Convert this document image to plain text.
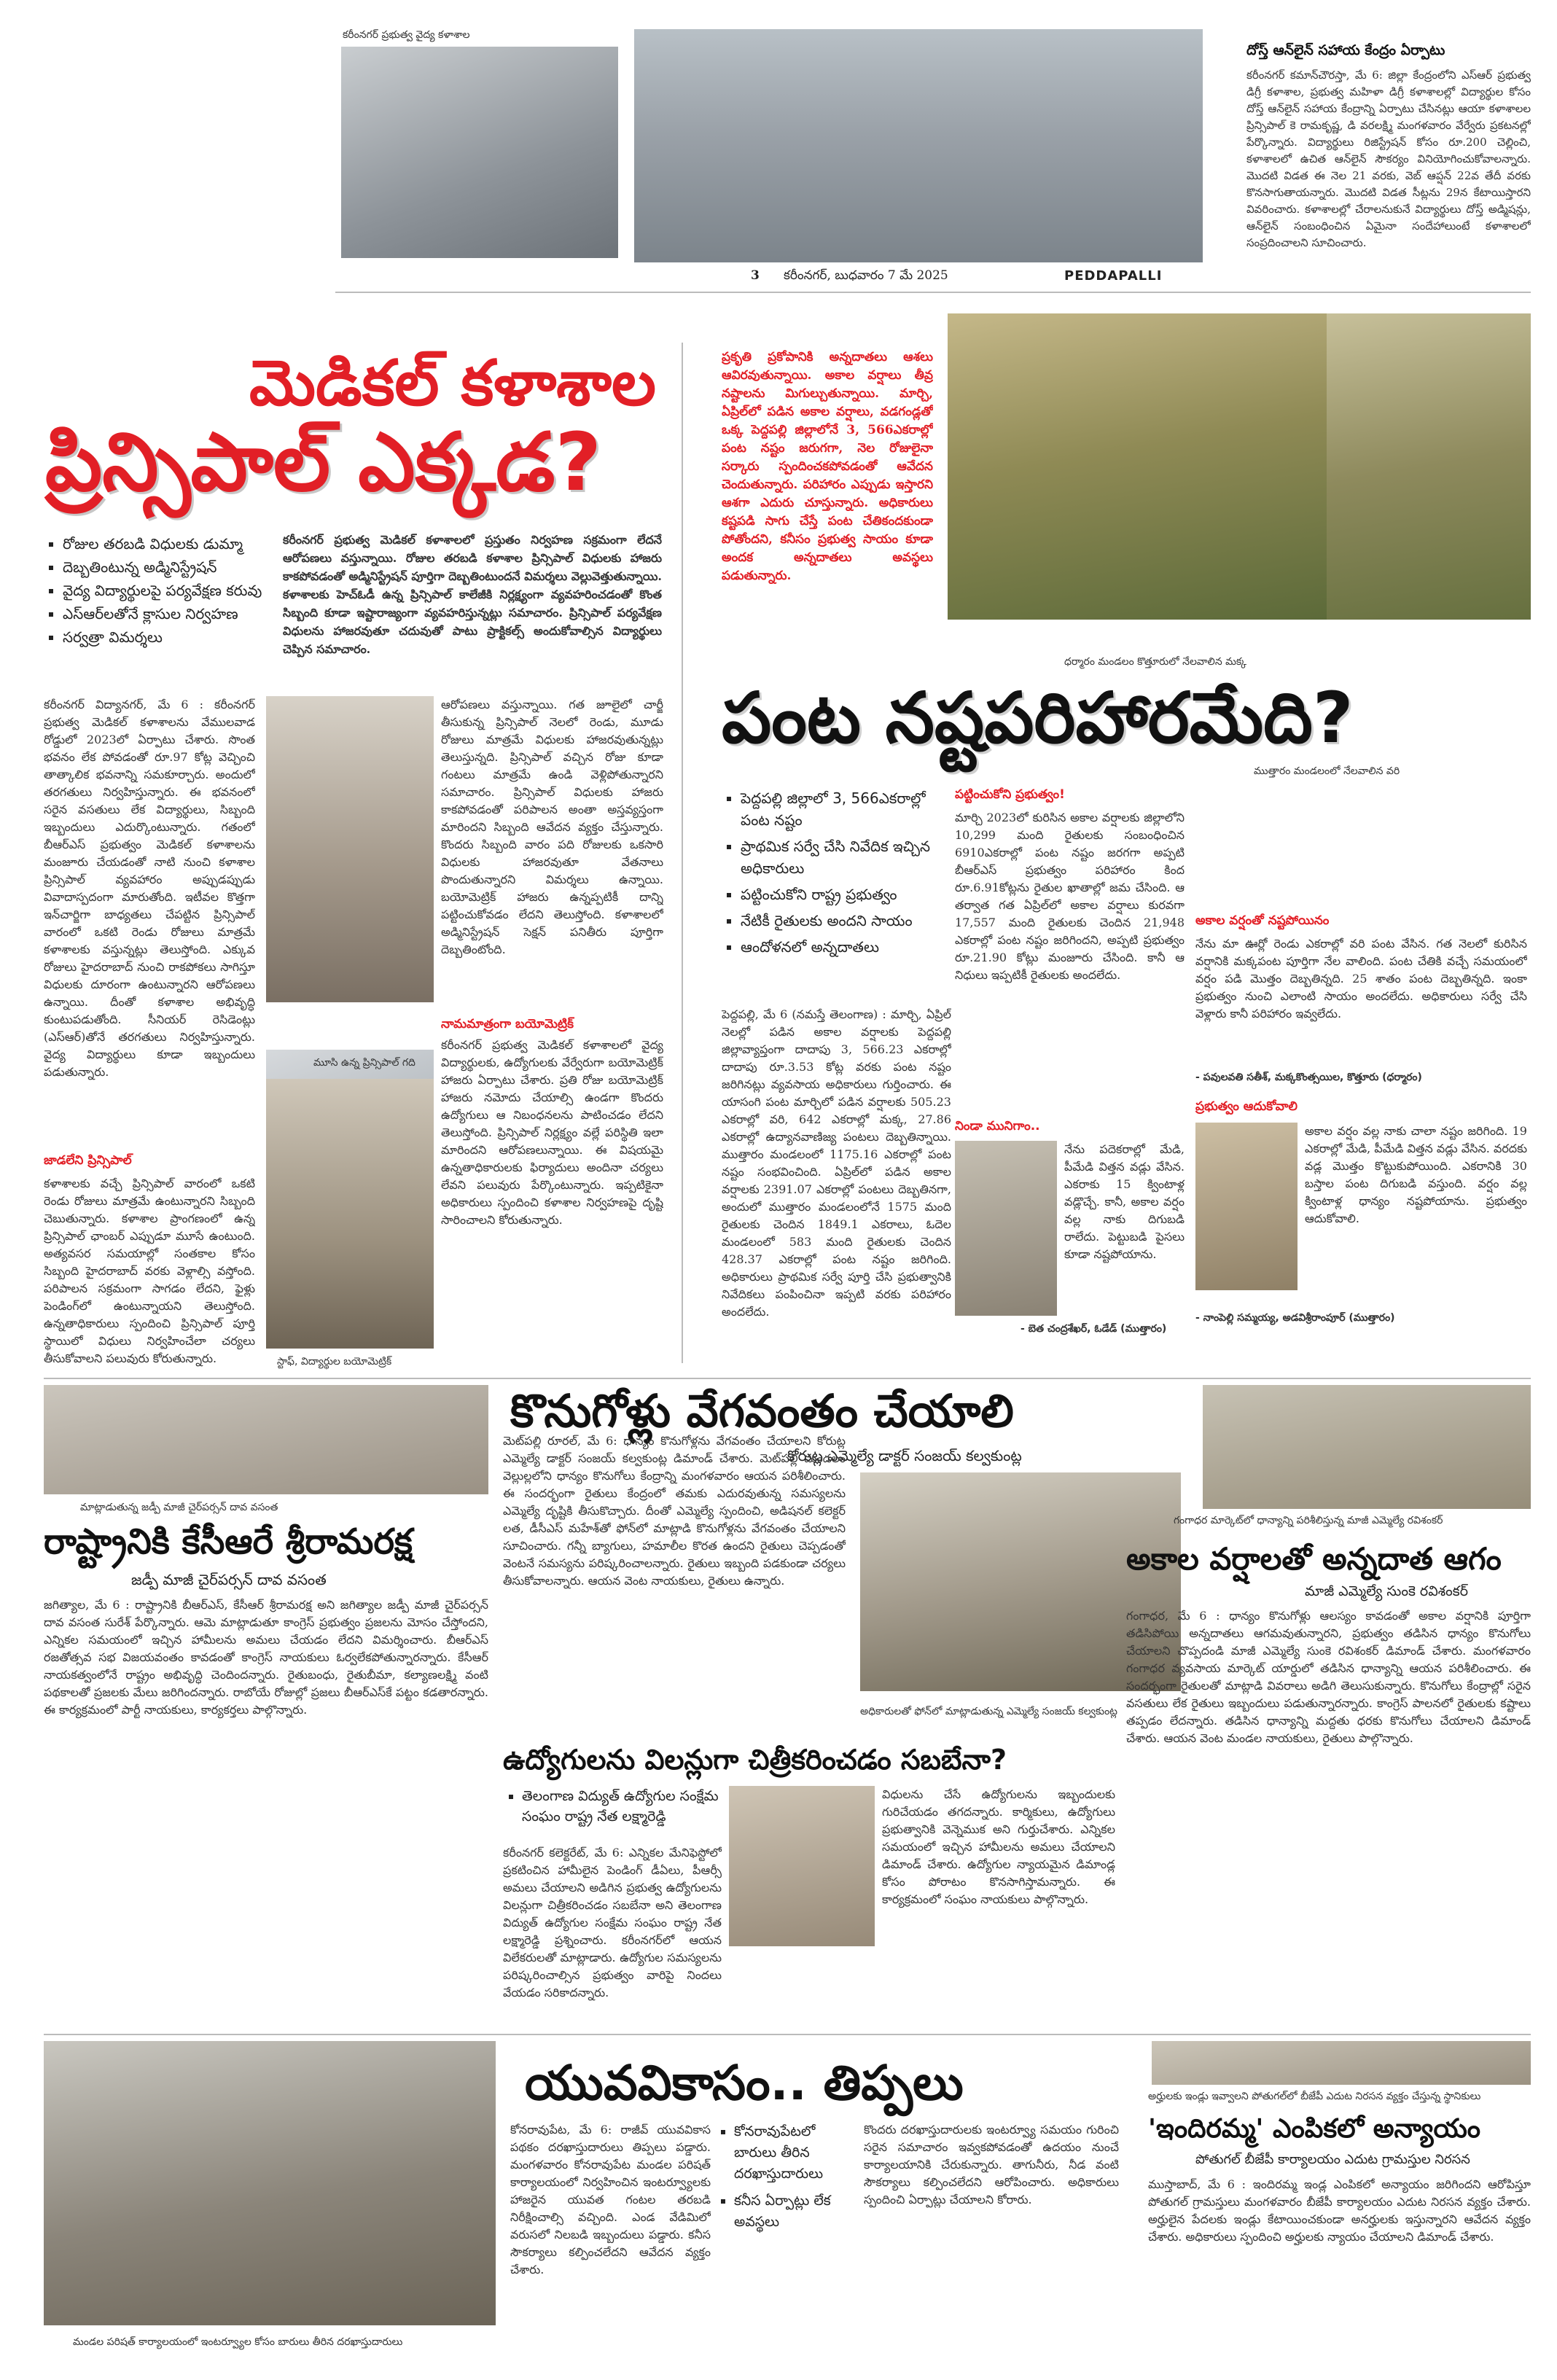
కరీంనగర్ ప్రభుత్వ వైద్య కళాశాల
3 కరీంనగర్, బుధవారం 7 మే 2025	PEDDAPALLI
దోస్త్ ఆన్‌లైన్ సహాయ కేంద్రం ఏర్పాటు
కరీంనగర్ కమాన్‌చౌరస్తా, మే 6: జిల్లా కేంద్రంలోని ఎస్‌ఆర్ ప్రభుత్వ డిగ్రీ కళాశాల, ప్రభుత్వ మహిళా డిగ్రీ కళాశాలల్లో విద్యార్థుల కోసం దోస్త్ ఆన్‌లైన్ సహాయ కేంద్రాన్ని ఏర్పాటు చేసినట్లు ఆయా కళాశాలల ప్రిన్సిపాల్ కె రామకృష్ణ, డి వరలక్ష్మి మంగళవారం వేర్వేరు ప్రకటనల్లో పేర్కొన్నారు. విద్యార్థులు రిజిస్ట్రేషన్ కోసం రూ.200 చెల్లించి, కళాశాలలో ఉచిత ఆన్‌లైన్ సౌకర్యం వినియోగించుకోవాలన్నారు. మొదటి విడత ఈ నెల 21 వరకు, వెబ్ ఆప్షన్ 22వ తేదీ వరకు కొనసాగుతాయన్నారు. మొదటి విడత సీట్లను 29న కేటాయిస్తారని వివరించారు. కళాశాలల్లో చేరాలనుకునే విద్యార్థులు దోస్త్ అడ్మిషన్లు, ఆన్‌లైన్ సంబంధించిన ఏమైనా సందేహాలుంటే కళాశాలలో సంప్రదించాలని సూచించారు.
మెడికల్ కళాశాల
ప్రిన్సిపాల్ ఎక్కడ?
▪ రోజుల తరబడి విధులకు డుమ్మా
▪ దెబ్బతింటున్న అడ్మినిస్ట్రేషన్
▪ వైద్య విద్యార్థులపై పర్యవేక్షణ కరువు
▪ ఎస్‌ఆర్‌లతోనే క్లాసుల నిర్వహణ
▪ సర్వత్రా విమర్శలు
కరీంనగర్ ప్రభుత్వ మెడికల్ కళాశాలలో ప్రస్తుతం నిర్వహణ సక్రమంగా లేదనే ఆరోపణలు వస్తున్నాయి. రోజుల తరబడి కళాశాల ప్రిన్సిపాల్ విధులకు హాజరు కాకపోవడంతో అడ్మినిస్ట్రేషన్ పూర్తిగా దెబ్బతింటుందనే విమర్శలు వెల్లువెత్తుతున్నాయి. కళాశాలకు హెచ్‌ఓడీ ఉన్న ప్రిన్సిపాల్ కాలేజీకి నిర్లక్ష్యంగా వ్యవహరించడంతో కొంత సిబ్బంది కూడా ఇష్టారాజ్యంగా వ్యవహరిస్తున్నట్లు సమాచారం. ప్రిన్సిపాల్ పర్యవేక్షణ విధులను హాజరవుతూ చదువుతో పాటు ప్రాక్టికల్స్ అందుకోవాల్సిన విద్యార్థులు చెప్పిన సమాచారం.
కరీంనగర్ విద్యానగర్, మే 6 : కరీంనగర్ ప్రభుత్వ మెడికల్ కళాశాలను వేములవాడ రోడ్డులో 2023లో ఏర్పాటు చేశారు. సొంత భవనం లేక పోవడంతో రూ.97 కోట్ల వెచ్చించి తాత్కాలిక భవనాన్ని సమకూర్చారు. అందులో తరగతులు నిర్వహిస్తున్నారు. ఈ భవనంలో సరైన వసతులు లేక విద్యార్థులు, సిబ్బంది ఇబ్బందులు ఎదుర్కొంటున్నారు. గతంలో బీఆర్‌ఎస్ ప్రభుత్వం మెడికల్ కళాశాలను మంజూరు చేయడంతో నాటి నుంచి కళాశాల ప్రిన్సిపాల్ వ్యవహారం అప్పుడప్పుడు వివాదాస్పదంగా మారుతోంది. ఇటీవల కొత్తగా ఇన్‌చార్జిగా బాధ్యతలు చేపట్టిన ప్రిన్సిపాల్ వారంలో ఒకటి రెండు రోజులు మాత్రమే కళాశాలకు వస్తున్నట్లు తెలుస్తోంది. ఎక్కువ రోజులు హైదరాబాద్ నుంచి రాకపోకలు సాగిస్తూ విధులకు దూరంగా ఉంటున్నారని ఆరోపణలు ఉన్నాయి. దీంతో కళాశాల అభివృద్ధి కుంటుపడుతోంది. సీనియర్ రెసిడెంట్లు (ఎస్‌ఆర్)తోనే తరగతులు నిర్వహిస్తున్నారు. వైద్య విద్యార్థులు కూడా ఇబ్బందులు పడుతున్నారు.
జాడలేని ప్రిన్సిపాల్
కళాశాలకు వచ్చే ప్రిన్సిపాల్ వారంలో ఒకటి రెండు రోజులు మాత్రమే ఉంటున్నారని సిబ్బంది చెబుతున్నారు. కళాశాల ప్రాంగణంలో ఉన్న ప్రిన్సిపాల్ ఛాంబర్ ఎప్పుడూ మూసే ఉంటుంది. అత్యవసర సమయాల్లో సంతకాల కోసం సిబ్బంది హైదరాబాద్ వరకు వెళ్లాల్సి వస్తోంది. పరిపాలన సక్రమంగా సాగడం లేదని, ఫైళ్లు పెండింగ్‌లో ఉంటున్నాయని తెలుస్తోంది. ఉన్నతాధికారులు స్పందించి ప్రిన్సిపాల్ పూర్తి స్థాయిలో విధులు నిర్వహించేలా చర్యలు తీసుకోవాలని పలువురు కోరుతున్నారు.
ఆరోపణలు వస్తున్నాయి. గత జూలైలో చార్జీ తీసుకున్న ప్రిన్సిపాల్ నెలలో రెండు, మూడు రోజులు మాత్రమే విధులకు హాజరవుతున్నట్లు తెలుస్తున్నది. ప్రిన్సిపాల్ వచ్చిన రోజు కూడా గంటలు మాత్రమే ఉండి వెళ్లిపోతున్నారని సమాచారం. ప్రిన్సిపాల్ విధులకు హాజరు కాకపోవడంతో పరిపాలన అంతా అస్తవ్యస్తంగా మారిందని సిబ్బంది ఆవేదన వ్యక్తం చేస్తున్నారు. కొందరు సిబ్బంది వారం పది రోజులకు ఒకసారి విధులకు హాజరవుతూ వేతనాలు పొందుతున్నారని విమర్శలు ఉన్నాయి. బయోమెట్రిక్ హాజరు ఉన్నప్పటికీ దాన్ని పట్టించుకోవడం లేదని తెలుస్తోంది. కళాశాలలో అడ్మినిస్ట్రేషన్ సెక్షన్ పనితీరు పూర్తిగా దెబ్బతింటోంది.
నామమాత్రంగా బయోమెట్రిక్
మూసి ఉన్న ప్రిన్సిపాల్ గది
స్టాఫ్, విద్యార్థుల బయోమెట్రిక్
కరీంనగర్ ప్రభుత్వ మెడికల్ కళాశాలలో వైద్య విద్యార్థులకు, ఉద్యోగులకు వేర్వేరుగా బయోమెట్రిక్ హాజరు ఏర్పాటు చేశారు. ప్రతి రోజు బయోమెట్రిక్ హాజరు నమోదు చేయాల్సి ఉండగా కొందరు ఉద్యోగులు ఆ నిబంధనలను పాటించడం లేదని తెలుస్తోంది. ప్రిన్సిపాల్ నిర్లక్ష్యం వల్లే పరిస్థితి ఇలా మారిందని ఆరోపణలున్నాయి. ఈ విషయమై ఉన్నతాధికారులకు ఫిర్యాదులు అందినా చర్యలు లేవని పలువురు పేర్కొంటున్నారు. ఇప్పటికైనా అధికారులు స్పందించి కళాశాల నిర్వహణపై దృష్టి సారించాలని కోరుతున్నారు.
ప్రకృతి ప్రకోపానికి అన్నదాతలు ఆశలు ఆవిరవుతున్నాయి. అకాల వర్షాలు తీవ్ర నష్టాలను మిగుల్చుతున్నాయి. మార్చి, ఏప్రిల్‌లో పడిన అకాల వర్షాలు, వడగండ్లతో ఒక్క పెద్దపల్లి జిల్లాలోనే 3, 566ఎకరాల్లో పంట నష్టం జరుగగా, నెల రోజులైనా సర్కారు స్పందించకపోవడంతో ఆవేదన చెందుతున్నారు. పరిహారం ఎప్పుడు ఇస్తారని ఆశగా ఎదురు చూస్తున్నారు. అధికారులు కష్టపడి సాగు చేస్తే పంట చేతికందకుండా పోతోందని, కనీసం ప్రభుత్వ సాయం కూడా అందక అన్నదాతలు అవస్థలు పడుతున్నారు.
ధర్మారం మండలం కొత్తూరులో నేలవాలిన మక్క
పంట నష్టపరిహారమేది?
ముత్తారం మండలంలో నేలవాలిన వరి
▪ పెద్దపల్లి జిల్లాలో 3, 566ఎకరాల్లో పంట నష్టం
▪ ప్రాథమిక సర్వే చేసి నివేదిక ఇచ్చిన అధికారులు
▪ పట్టించుకోని రాష్ట్ర ప్రభుత్వం
▪ నేటికీ రైతులకు అందని సాయం
▪ ఆందోళనలో అన్నదాతలు
పట్టించుకోని ప్రభుత్వం!
మార్చి 2023లో కురిసిన అకాల వర్షాలకు జిల్లాలోని 10,299 మంది రైతులకు సంబంధించిన 6910ఎకరాల్లో పంట నష్టం జరగగా అప్పటి బీఆర్‌ఎస్ ప్రభుత్వం పరిహారం కింద రూ.6.91కోట్లను రైతుల ఖాతాల్లో జమ చేసింది. ఆ తర్వాత గత ఏప్రిల్‌లో అకాల వర్షాలు కురవగా 17,557 మంది రైతులకు చెందిన 21,948 ఎకరాల్లో పంట నష్టం జరిగిందని, అప్పటి ప్రభుత్వం రూ.21.90 కోట్లు మంజూరు చేసింది. కానీ ఆ నిధులు ఇప్పటికీ రైతులకు అందలేదు.
అకాల వర్షంతో నష్టపోయినం
నేను మా ఊర్లో రెండు ఎకరాల్లో వరి పంట వేసిన. గత నెలలో కురిసిన వర్షానికి మక్కపంట పూర్తిగా నేల వాలింది. పంట చేతికి వచ్చే సమయంలో వర్షం పడి మొత్తం దెబ్బతిన్నది. 25 శాతం పంట దెబ్బతిన్నది. ఇంకా ప్రభుత్వం నుంచి ఎలాంటి సాయం అందలేదు. అధికారులు సర్వే చేసి వెళ్లారు కానీ పరిహారం ఇవ్వలేదు.
- పవులవతి సతీశ్, మక్కకొంత్సయిల, కొత్తూరు (ధర్మారం)
ప్రభుత్వం ఆదుకోవాలి
అకాల వర్షం వల్ల నాకు చాలా నష్టం జరిగింది. 19 ఎకరాల్లో మేడి, పీమేడి విత్తన వడ్లు వేసిన. వరదకు వడ్ల మొత్తం కొట్టుకుపోయింది. ఎకరానికి 30 బస్తాల పంట దిగుబడి వస్తుంది. వర్షం వల్ల క్వింటాళ్ల ధాన్యం నష్టపోయాను. ప్రభుత్వం ఆదుకోవాలి.
- నాంపెల్లి సమ్మయ్య, అడవిశ్రీరాంపూర్ (ముత్తారం)
పెద్దపల్లి, మే 6 (నమస్తే తెలంగాణ) : మార్చి, ఏప్రిల్ నెలల్లో పడిన అకాల వర్షాలకు పెద్దపల్లి జిల్లావ్యాప్తంగా దాదాపు 3, 566.23 ఎకరాల్లో దాదాపు రూ.3.53 కోట్ల వరకు పంట నష్టం జరిగినట్లు వ్యవసాయ అధికారులు గుర్తించారు. ఈ యాసంగి పంట మార్చిలో పడిన వర్షాలకు 505.23 ఎకరాల్లో వరి, 642 ఎకరాల్లో మక్క, 27.86 ఎకరాల్లో ఉద్యానవాణిజ్య పంటలు దెబ్బతిన్నాయి. ముత్తారం మండలంలో 1175.16 ఎకరాల్లో పంట నష్టం సంభవించింది. ఏప్రిల్‌లో పడిన అకాల వర్షాలకు 2391.07 ఎకరాల్లో పంటలు దెబ్బతినగా, అందులో ముత్తారం మండలంలోనే 1575 మంది రైతులకు చెందిన 1849.1 ఎకరాలు, ఓదెల మండలంలో 583 మంది రైతులకు చెందిన 428.37 ఎకరాల్లో పంట నష్టం జరిగింది. అధికారులు ప్రాథమిక సర్వే పూర్తి చేసి ప్రభుత్వానికి నివేదికలు పంపించినా ఇప్పటి వరకు పరిహారం అందలేదు.
నిండా మునిగాం..
నేను పదెకరాల్లో మేడి, పీమేడి విత్తన వడ్లు వేసిన. ఎకరాకు 15 క్వింటాళ్ల వడ్లొచ్చే. కానీ, అకాల వర్షం వల్ల నాకు దిగుబడి రాలేదు. పెట్టుబడి పైసలు కూడా నష్టపోయాను.
- బెత చంద్రశేఖర్, ఓడేడ్ (ముత్తారం)
కొనుగోళ్లు వేగవంతం చేయాలి
కోరుట్ల ఎమ్మెల్యే డాక్టర్ సంజయ్ కల్వకుంట్ల
మెట్‌పల్లి రూరల్, మే 6: ధాన్యం కొనుగోళ్లను వేగవంతం చేయాలని కోరుట్ల ఎమ్మెల్యే డాక్టర్ సంజయ్ కల్వకుంట్ల డిమాండ్ చేశారు. మెట్‌పల్లి మండలం వెల్లుల్లలోని ధాన్యం కొనుగోలు కేంద్రాన్ని మంగళవారం ఆయన పరిశీలించారు. ఈ సందర్భంగా రైతులు కేంద్రంలో తమకు ఎదురవుతున్న సమస్యలను ఎమ్మెల్యే దృష్టికి తీసుకొచ్చారు. దీంతో ఎమ్మెల్యే స్పందించి, అడిషనల్ కలెక్టర్ లత, డీసీఎస్ మహేశ్‌తో ఫోన్‌లో మాట్లాడి కొనుగోళ్లను వేగవంతం చేయాలని సూచించారు. గన్నీ బ్యాగులు, హమాలీల కొరత ఉందని రైతులు చెప్పడంతో వెంటనే సమస్యను పరిష్కరించాలన్నారు. రైతులు ఇబ్బంది పడకుండా చర్యలు తీసుకోవాలన్నారు. ఆయన వెంట నాయకులు, రైతులు ఉన్నారు.
అధికారులతో ఫోన్‌లో మాట్లాడుతున్న ఎమ్మెల్యే సంజయ్ కల్వకుంట్ల
మాట్లాడుతున్న జడ్పీ మాజీ చైర్‌పర్సన్ దావ వసంత
రాష్ట్రానికి కేసీఆరే శ్రీరామరక్ష
జడ్పీ మాజీ చైర్‌పర్సన్ దావ వసంత
జగిత్యాల, మే 6 : రాష్ట్రానికి బీఆర్‌ఎస్, కేసీఆర్ శ్రీరామరక్ష అని జగిత్యాల జడ్పీ మాజీ చైర్‌పర్సన్ దావ వసంత సురేశ్ పేర్కొన్నారు. ఆమె మాట్లాడుతూ కాంగ్రెస్ ప్రభుత్వం ప్రజలను మోసం చేస్తోందని, ఎన్నికల సమయంలో ఇచ్చిన హామీలను అమలు చేయడం లేదని విమర్శించారు. బీఆర్‌ఎస్ రజతోత్సవ సభ విజయవంతం కావడంతో కాంగ్రెస్ నాయకులు ఓర్వలేకపోతున్నారన్నారు. కేసీఆర్ నాయకత్వంలోనే రాష్ట్రం అభివృద్ధి చెందిందన్నారు. రైతుబంధు, రైతుబీమా, కల్యాణలక్ష్మి వంటి పథకాలతో ప్రజలకు మేలు జరిగిందన్నారు. రాబోయే రోజుల్లో ప్రజలు బీఆర్‌ఎస్‌కే పట్టం కడతారన్నారు. ఈ కార్యక్రమంలో పార్టీ నాయకులు, కార్యకర్తలు పాల్గొన్నారు.
గంగాధర మార్కెట్‌లో ధాన్యాన్ని పరిశీలిస్తున్న మాజీ ఎమ్మెల్యే రవిశంకర్
అకాల వర్షాలతో అన్నదాత ఆగం
మాజీ ఎమ్మెల్యే సుంకె రవిశంకర్
గంగాధర, మే 6 : ధాన్యం కొనుగోళ్లు ఆలస్యం కావడంతో అకాల వర్షానికి పూర్తిగా తడిసిపోయి అన్నదాతలు ఆగమవుతున్నారని, ప్రభుత్వం తడిసిన ధాన్యం కొనుగోలు చేయాలని చొప్పదండి మాజీ ఎమ్మెల్యే సుంకె రవిశంకర్ డిమాండ్ చేశారు. మంగళవారం గంగాధర వ్యవసాయ మార్కెట్ యార్డులో తడిసిన ధాన్యాన్ని ఆయన పరిశీలించారు. ఈ సందర్భంగా రైతులతో మాట్లాడి వివరాలు అడిగి తెలుసుకున్నారు. కొనుగోలు కేంద్రాల్లో సరైన వసతులు లేక రైతులు ఇబ్బందులు పడుతున్నారన్నారు. కాంగ్రెస్ పాలనలో రైతులకు కష్టాలు తప్పడం లేదన్నారు. తడిసిన ధాన్యాన్ని మద్దతు ధరకు కొనుగోలు చేయాలని డిమాండ్ చేశారు. ఆయన వెంట మండల నాయకులు, రైతులు పాల్గొన్నారు.
ఉద్యోగులను విలన్లుగా చిత్రీకరించడం సబబేనా?
▪ తెలంగాణ విద్యుత్ ఉద్యోగుల సంక్షేమ సంఘం రాష్ట్ర నేత లక్ష్మారెడ్డి
కరీంనగర్ కలెక్టరేట్, మే 6: ఎన్నికల మేనిఫెస్టోలో ప్రకటించిన హామీలైన పెండింగ్ డీఏలు, పీఆర్సీ అమలు చేయాలని అడిగిన ప్రభుత్వ ఉద్యోగులను విలన్లుగా చిత్రీకరించడం సబబేనా అని తెలంగాణ విద్యుత్ ఉద్యోగుల సంక్షేమ సంఘం రాష్ట్ర నేత లక్ష్మారెడ్డి ప్రశ్నించారు. కరీంనగర్‌లో ఆయన విలేకరులతో మాట్లాడారు. ఉద్యోగుల సమస్యలను పరిష్కరించాల్సిన ప్రభుత్వం వారిపై నిందలు వేయడం సరికాదన్నారు.
విధులను చేసే ఉద్యోగులను ఇబ్బందులకు గురిచేయడం తగదన్నారు. కార్మికులు, ఉద్యోగులు ప్రభుత్వానికి వెన్నెముక అని గుర్తుచేశారు. ఎన్నికల సమయంలో ఇచ్చిన హామీలను అమలు చేయాలని డిమాండ్ చేశారు. ఉద్యోగుల న్యాయమైన డిమాండ్ల కోసం పోరాటం కొనసాగిస్తామన్నారు. ఈ కార్యక్రమంలో సంఘం నాయకులు పాల్గొన్నారు.
మండల పరిషత్ కార్యాలయంలో ఇంటర్వ్యూల కోసం బారులు తీరిన దరఖాస్తుదారులు
యువవికాసం.. తిప్పలు
కోనరావుపేట, మే 6: రాజీవ్ యువవికాస పథకం దరఖాస్తుదారులు తిప్పలు పడ్డారు. మంగళవారం కోనరావుపేట మండల పరిషత్ కార్యాలయంలో నిర్వహించిన ఇంటర్వ్యూలకు హాజరైన యువత గంటల తరబడి నిరీక్షించాల్సి వచ్చింది. ఎండ వేడిమిలో వరుసలో నిలబడి ఇబ్బందులు పడ్డారు. కనీస సౌకర్యాలు కల్పించలేదని ఆవేదన వ్యక్తం చేశారు.
▪ కోనరావుపేటలో బారులు తీరిన దరఖాస్తుదారులు
▪ కనీస ఏర్పాట్లు లేక అవస్థలు
కొందరు దరఖాస్తుదారులకు ఇంటర్వ్యూ సమయం గురించి సరైన సమాచారం ఇవ్వకపోవడంతో ఉదయం నుంచే కార్యాలయానికి చేరుకున్నారు. తాగునీరు, నీడ వంటి సౌకర్యాలు కల్పించలేదని ఆరోపించారు. అధికారులు స్పందించి ఏర్పాట్లు చేయాలని కోరారు.
అర్హులకు ఇండ్లు ఇవ్వాలని పోతుగల్‌లో బీజేపీ ఎదుట నిరసన వ్యక్తం చేస్తున్న స్థానికులు
'ఇందిరమ్మ' ఎంపికలో అన్యాయం
పోతుగల్ బీజేపీ కార్యాలయం ఎదుట గ్రామస్తుల నిరసన
ముస్తాబాద్, మే 6 : ఇందిరమ్మ ఇండ్ల ఎంపికలో అన్యాయం జరిగిందని ఆరోపిస్తూ పోతుగల్ గ్రామస్తులు మంగళవారం బీజేపీ కార్యాలయం ఎదుట నిరసన వ్యక్తం చేశారు. అర్హులైన పేదలకు ఇండ్లు కేటాయించకుండా అనర్హులకు ఇస్తున్నారని ఆవేదన వ్యక్తం చేశారు. అధికారులు స్పందించి అర్హులకు న్యాయం చేయాలని డిమాండ్ చేశారు.
